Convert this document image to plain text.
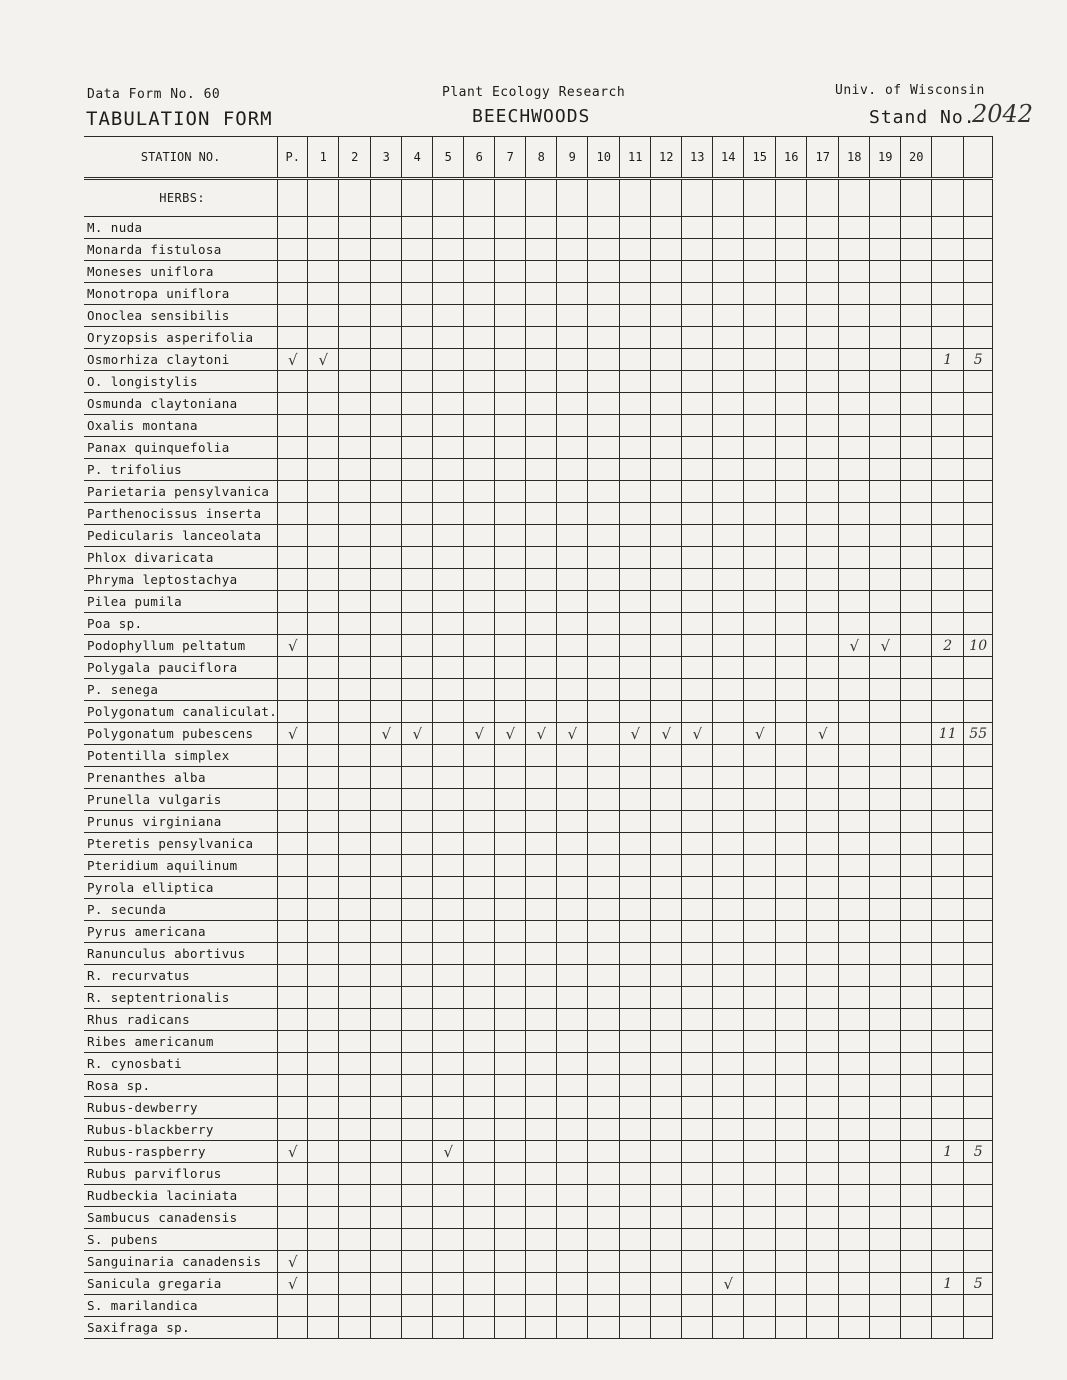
Data Form No. 60
TABULATION FORM
Plant Ecology Research
BEECHWOODS
Univ. of Wisconsin
Stand No.
2042
STATION NO.	P.	1	2	3	4	5	6	7	8	9	10	11	12	13	14	15	16	17	18	19	20		
HERBS:																							
M. nuda																							
Monarda fistulosa																							
Moneses uniflora																							
Monotropa uniflora																							
Onoclea sensibilis																							
Oryzopsis asperifolia																							
Osmorhiza claytoni	√	√																				1	5
O. longistylis																							
Osmunda claytoniana																							
Oxalis montana																							
Panax quinquefolia																							
P. trifolius																							
Parietaria pensylvanica																							
Parthenocissus inserta																							
Pedicularis lanceolata																							
Phlox divaricata																							
Phryma leptostachya																							
Pilea pumila																							
Poa sp.																							
Podophyllum peltatum	√																		√	√		2	10
Polygala pauciflora																							
P. senega																							
Polygonatum canaliculat.																							
Polygonatum pubescens	√			√	√		√	√	√	√		√	√	√		√		√				11	55
Potentilla simplex																							
Prenanthes alba																							
Prunella vulgaris																							
Prunus virginiana																							
Pteretis pensylvanica																							
Pteridium aquilinum																							
Pyrola elliptica																							
P. secunda																							
Pyrus americana																							
Ranunculus abortivus																							
R. recurvatus																							
R. septentrionalis																							
Rhus radicans																							
Ribes americanum																							
R. cynosbati																							
Rosa sp.																							
Rubus-dewberry																							
Rubus-blackberry																							
Rubus-raspberry	√					√																1	5
Rubus parviflorus																							
Rudbeckia laciniata																							
Sambucus canadensis																							
S. pubens																							
Sanguinaria canadensis	√																						
Sanicula gregaria	√														√							1	5
S. marilandica																							
Saxifraga sp.																							
